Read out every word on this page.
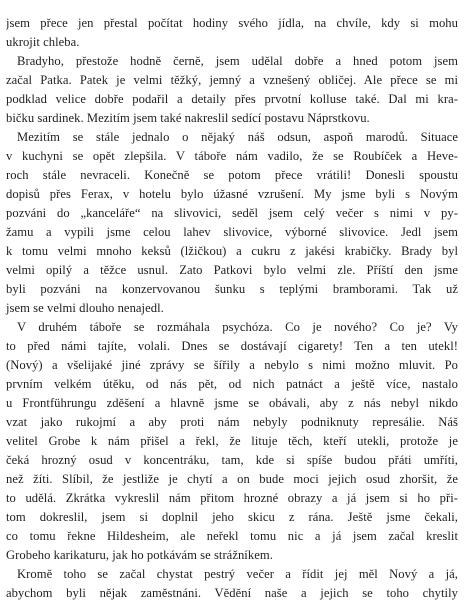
jsem přece jen přestal počítat hodiny svého jídla, na chvíle, kdy si mohu
ukrojit chleba.
Bradyho, přestože hodně černě, jsem udělal dobře a hned potom jsem
začal Patka. Patek je velmi těžký, jemný a vznešený obličej. Ale přece se mi
podklad velice dobře podařil a detaily přes prvotní kolluse také. Dal mi kra-
bičku sardinek. Mezitím jsem také nakreslil sedící postavu Náprstkovu.
Mezitím se stále jednalo o nějaký náš odsun, aspoň marodů. Situace
v kuchyni se opět zlepšila. V táboře nám vadilo, že se Roubíček a Heve-
roch stále nevraceli. Konečně se potom přece vrátili! Donesli spoustu
dopisů přes Ferax, v hotelu bylo úžasné vzrušení. My jsme byli s Novým
pozváni do „kanceláře“ na slivovici, seděl jsem celý večer s nimi v py-
žamu a vypili jsme celou lahev slivovice, výborné slivovice. Jedl jsem
k tomu velmi mnoho keksů (lžičkou) a cukru z jakési krabičky. Brady byl
velmi opilý a těžce usnul. Zato Patkovi bylo velmi zle. Příští den jsme
byli pozváni na konzervovanou šunku s teplými bramborami. Tak už
jsem se velmi dlouho nenajedl.
V druhém táboře se rozmáhala psychóza. Co je nového? Co je? Vy
to před námi tajíte, volali. Dnes se dostávají cigarety! Ten a ten utekl!
(Nový) a všelijaké jiné zprávy se šířily a nebylo s nimi možno mluvit. Po
prvním velkém útěku, od nás pět, od nich patnáct a ještě více, nastalo
u Frontführungu zděšení a hlavně jsme se obávali, aby z nás nebyl nikdo
vzat jako rukojmí a aby proti nám nebyly podniknuty represálie. Náš
velitel Grobe k nám přišel a řekl, že lituje těch, kteří utekli, protože je
čeká hrozný osud v koncentráku, tam, kde si spíše budou přáti umříti,
než žíti. Slíbil, že jestliže je chytí a on bude moci jejich osud zhoršit, že
to udělá. Zkrátka vykreslil nám přitom hrozné obrazy a já jsem si ho při-
tom dokreslil, jsem si doplnil jeho skicu z rána. Ještě jsme čekali,
co tomu řekne Hildesheim, ale neřekl tomu nic a já jsem začal kreslit
Grobeho karikaturu, jak ho potkávám se strážníkem.
Kromě toho se začal chystat pestrý večer a řídit jej měl Nový a já,
abychom byli nějak zaměstnáni. Vědění naše a jejich se toho chytily
